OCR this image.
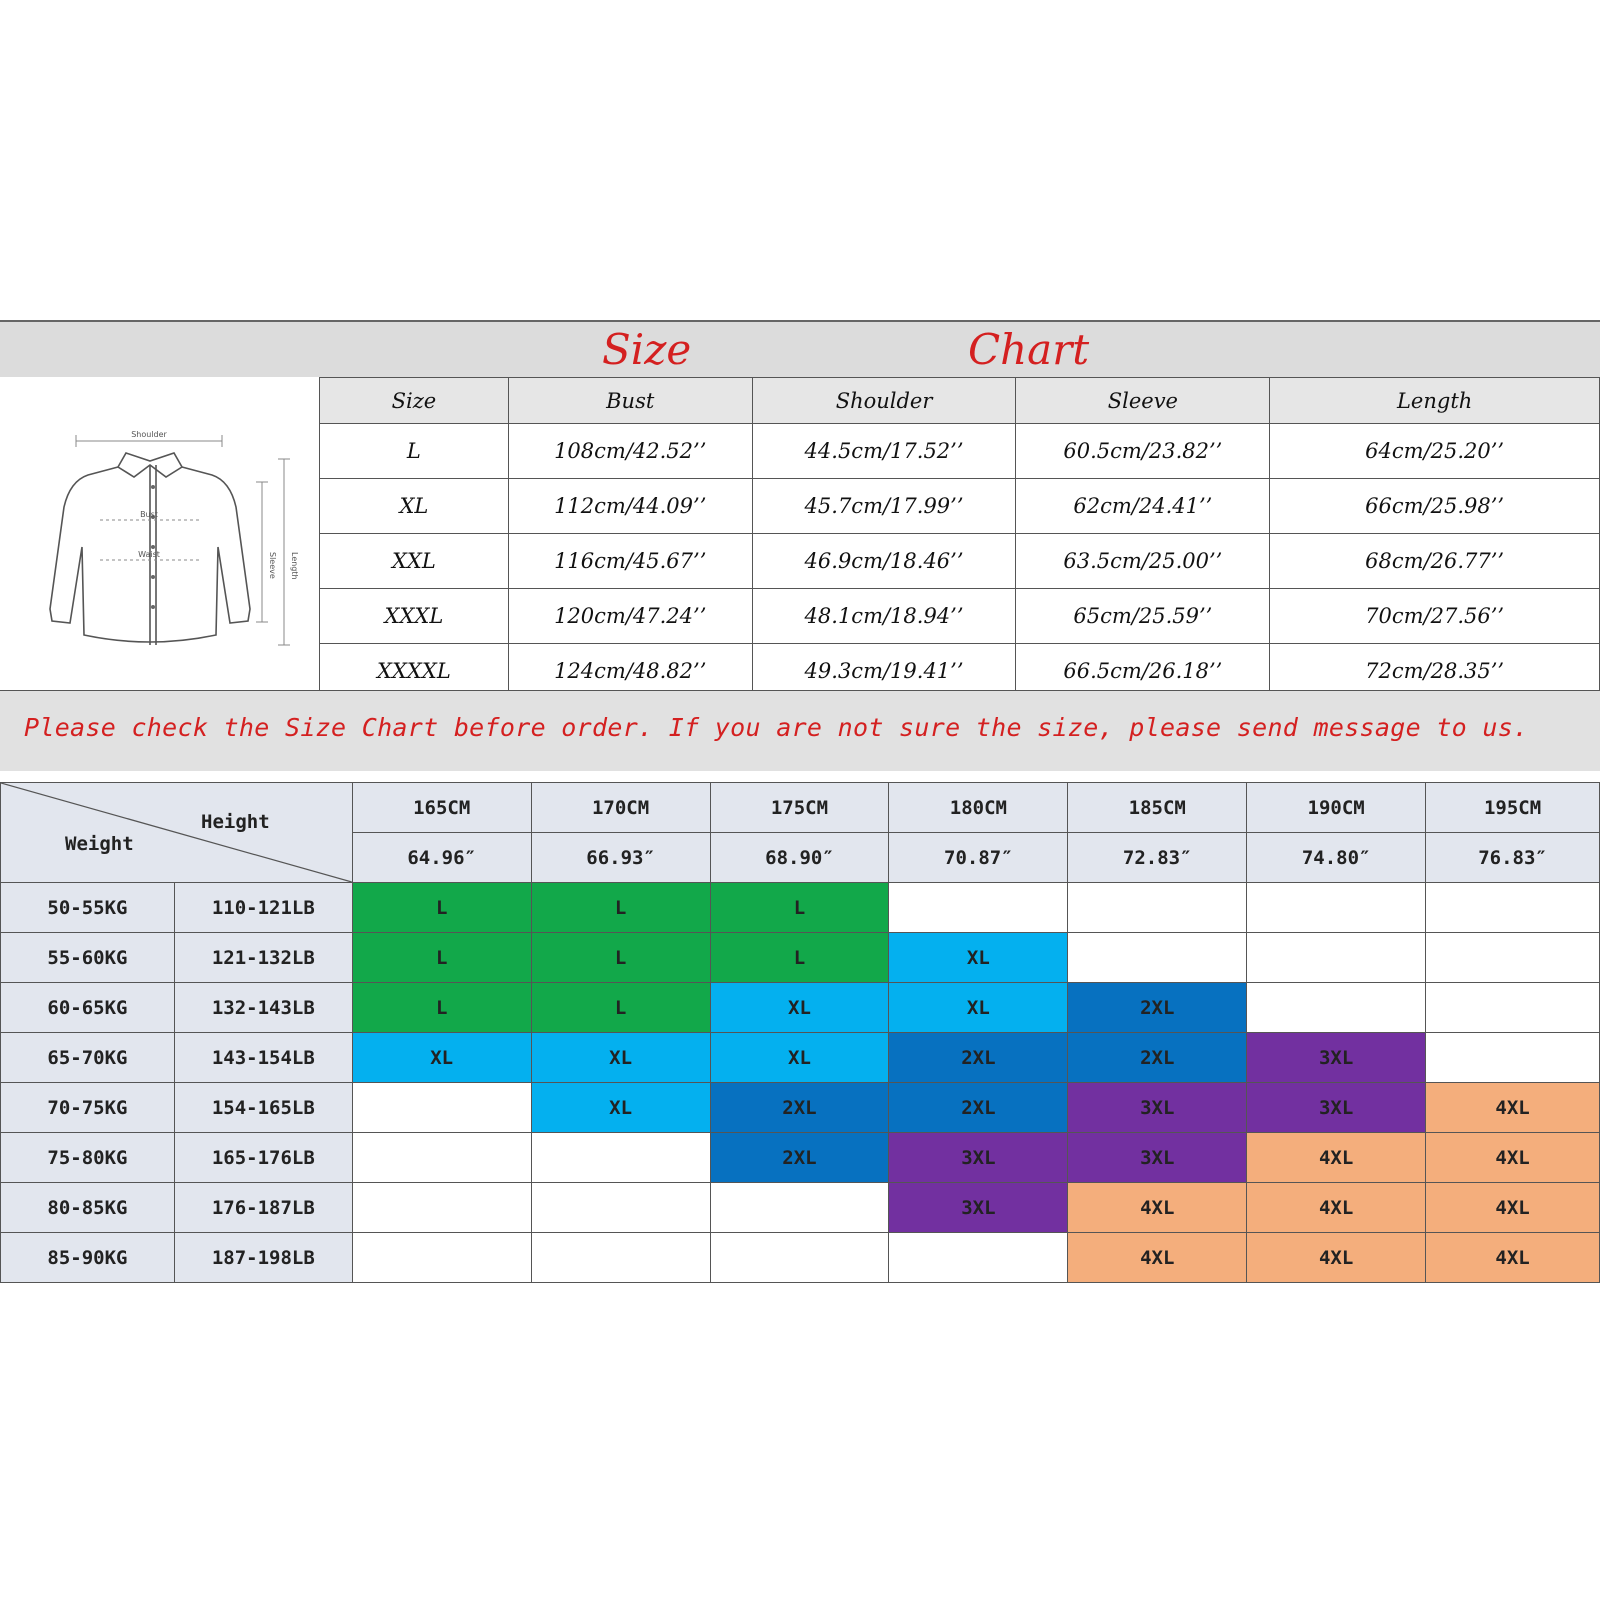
Size	Chart
Shoulder
Bust
Waist	Sleeve Length
Size	Bust	Shoulder	Sleeve	Length
L	108cm/42.52’’	44.5cm/17.52’’	60.5cm/23.82’’	64cm/25.20’’
XL	112cm/44.09’’	45.7cm/17.99’’	62cm/24.41’’	66cm/25.98’’
XXL	116cm/45.67’’	46.9cm/18.46’’	63.5cm/25.00’’	68cm/26.77’’
XXXL	120cm/47.24’’	48.1cm/18.94’’	65cm/25.59’’	70cm/27.56’’
XXXXL	124cm/48.82’’	49.3cm/19.41’’	66.5cm/26.18’’	72cm/28.35’’
Please check the Size Chart before order. If you are not sure the size, please send message to us.
Height
Weight		165CM	170CM	175CM	180CM	185CM	190CM	195CM
		64.96″	66.93″	68.90″	70.87″	72.83″	74.80″	76.83″
50-55KG	110-121LB	L	L	L				
55-60KG	121-132LB	L	L	L	XL			
60-65KG	132-143LB	L	L	XL	XL	2XL		
65-70KG	143-154LB	XL	XL	XL	2XL	2XL	3XL	
70-75KG	154-165LB		XL	2XL	2XL	3XL	3XL	4XL
75-80KG	165-176LB			2XL	3XL	3XL	4XL	4XL
80-85KG	176-187LB				3XL	4XL	4XL	4XL
85-90KG	187-198LB					4XL	4XL	4XL
